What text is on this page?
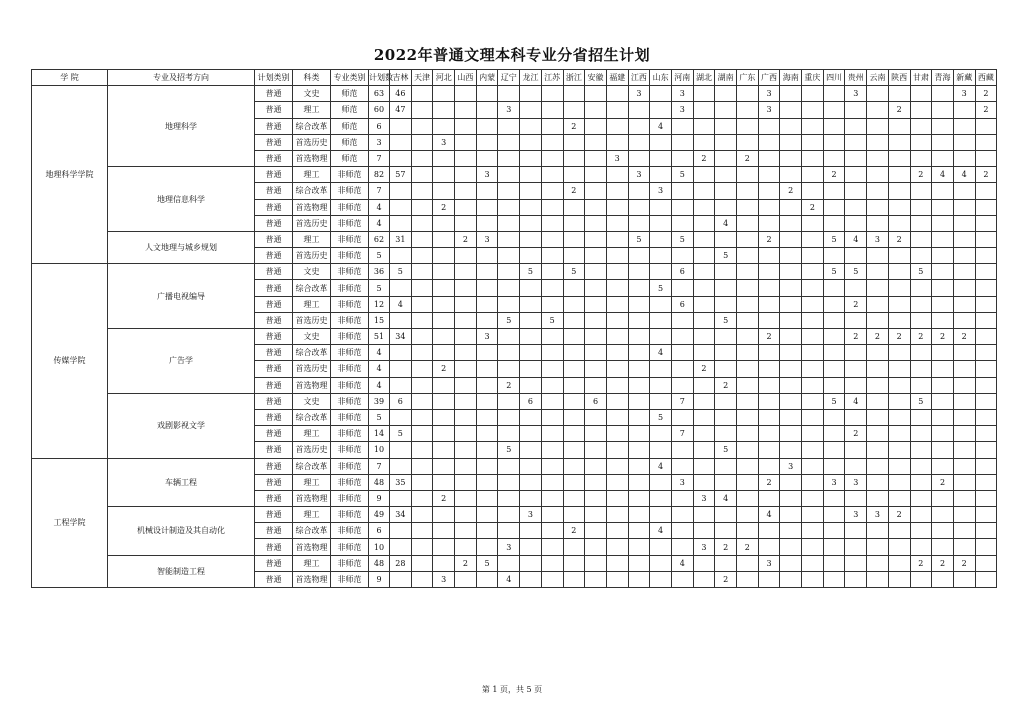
2022年普通文理本科专业分省招生计划
学 院	专业及招考方向	计划类别	科类	专业类别	计划数	吉林	天津	河北	山西	内蒙	辽宁	龙江	江苏	浙江	安徽	福建	江西	山东	河南	湖北	湖南	广东	广西	海南	重庆	四川	贵州	云南	陕西	甘肃	青海	新藏	西藏
地理科学学院	地理科学	普通	文史	师范	63	46											3		3				3				3					3	2
		普通	理工	师范	60	47					3								3				3						2				2
		普通	综合改革	师范	6									2				4															
		普通	首选历史	师范	3			3																									
		普通	首选物理	师范	7											3				2		2											
	地理信息科学	普通	理工	非师范	82	57				3							3		5							2				2	4	4	2
		普通	综合改革	非师范	7									2				3						2									
		普通	首选物理	非师范	4			2																	2								
		普通	首选历史	非师范	4																4												
	人文地理与城乡规划	普通	理工	非师范	62	31			2	3							5		5				2			5	4	3	2				
		普通	首选历史	非师范	5																5												
传媒学院	广播电视编导	普通	文史	非师范	36	5						5		5					6							5	5			5			
		普通	综合改革	非师范	5													5															
		普通	理工	非师范	12	4													6								2						
		普通	首选历史	非师范	15						5		5								5												
	广告学	普通	文史	非师范	51	34				3													2				2	2	2	2	2	2	
		普通	综合改革	非师范	4													4															
		普通	首选历史	非师范	4			2												2													
		普通	首选物理	非师范	4						2										2												
	戏剧影视文学	普通	文史	非师范	39	6						6			6				7							5	4			5			
		普通	综合改革	非师范	5													5															
		普通	理工	非师范	14	5													7								2						
		普通	首选历史	非师范	10						5										5												
工程学院	车辆工程	普通	综合改革	非师范	7													4						3									
		普通	理工	非师范	48	35													3				2			3	3				2		
		普通	首选物理	非师范	9			2												3	4												
	机械设计制造及其自动化	普通	理工	非师范	49	34						3											4				3	3	2				
		普通	综合改革	非师范	6									2				4															
		普通	首选物理	非师范	10						3									3	2	2											
	智能制造工程	普通	理工	非师范	48	28			2	5									4				3							2	2	2	
		普通	首选物理	非师范	9			3			4										2												
第 1 页，共 5 页
